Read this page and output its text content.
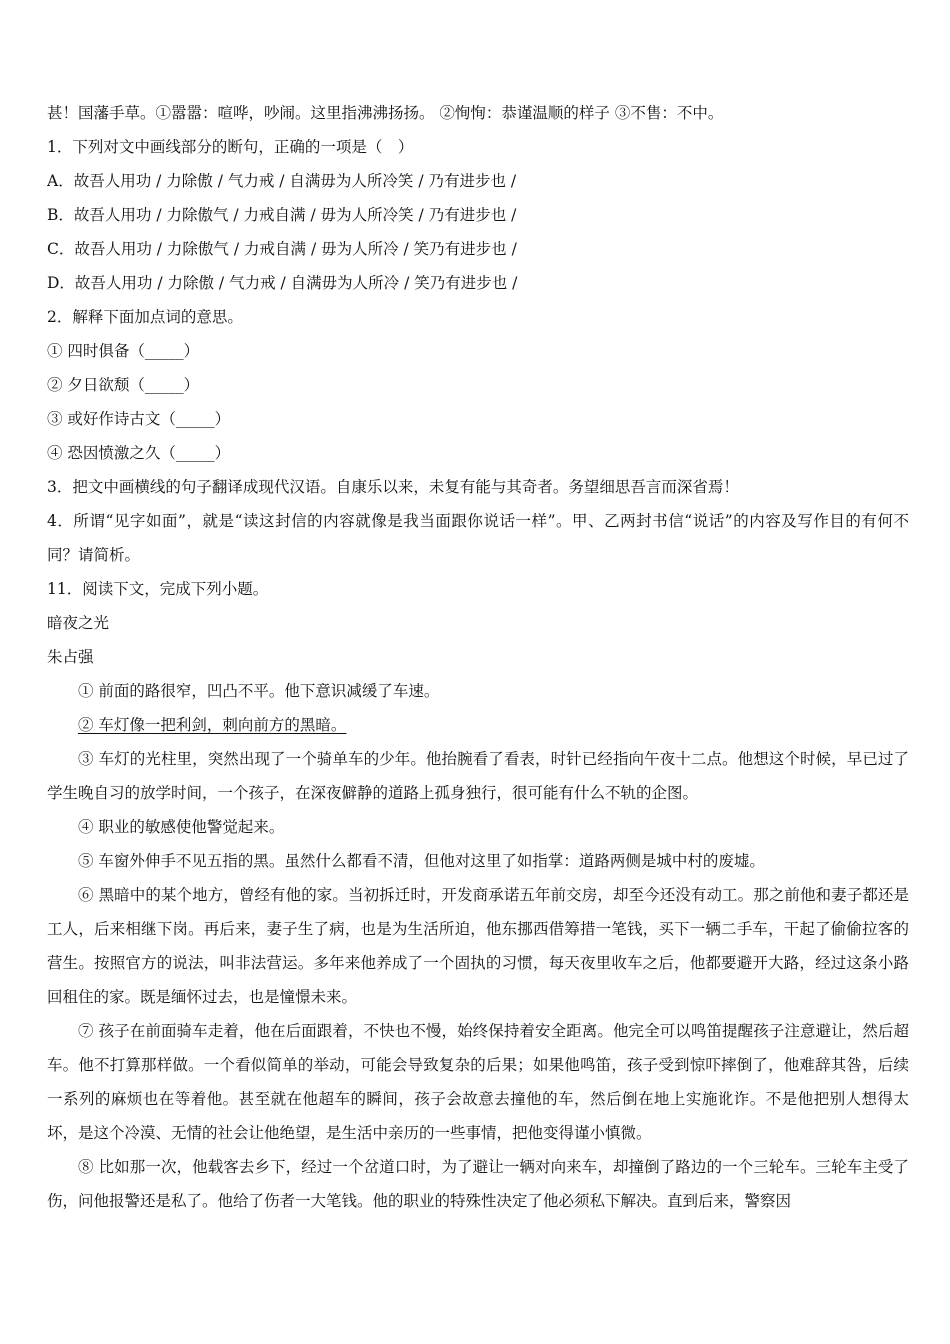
甚！国藩手草。①嚣嚣：喧哗，吵闹。这里指沸沸扬扬。 ②恂恂：恭谨温顺的样子 ③不售：不中。
1．下列对文中画线部分的断句，正确的一项是（　）
A．故吾人用功 / 力除傲 / 气力戒 / 自满毋为人所冷笑 / 乃有进步也 /
B．故吾人用功 / 力除傲气 / 力戒自满 / 毋为人所冷笑 / 乃有进步也 /
C．故吾人用功 / 力除傲气 / 力戒自满 / 毋为人所冷 / 笑乃有进步也 /
D．故吾人用功 / 力除傲 / 气力戒 / 自满毋为人所冷 / 笑乃有进步也 /
2．解释下面加点词的意思。
① 四时俱备（_____）
② 夕日欲颓（_____）
③ 或好作诗古文（_____）
④ 恐因愤激之久（_____）
3．把文中画横线的句子翻译成现代汉语。自康乐以来，未复有能与其奇者。务望细思吾言而深省焉！

4．所谓“见字如面”，就是“读这封信的内容就像是我当面跟你说话一样”。甲、乙两封书信“说话”的内容及写作目的有何不同？请简析。

11．阅读下文，完成下列小题。
暗夜之光
朱占强

① 前面的路很窄，凹凸不平。他下意识减缓了车速。

② 车灯像一把利剑，刺向前方的黑暗。

③ 车灯的光柱里，突然出现了一个骑单车的少年。他抬腕看了看表，时针已经指向午夜十二点。他想这个时候，早已过了学生晚自习的放学时间，一个孩子，在深夜僻静的道路上孤身独行，很可能有什么不轨的企图。

④ 职业的敏感使他警觉起来。

⑤ 车窗外伸手不见五指的黑。虽然什么都看不清，但他对这里了如指掌：道路两侧是城中村的废墟。

⑥ 黑暗中的某个地方，曾经有他的家。当初拆迁时，开发商承诺五年前交房，却至今还没有动工。那之前他和妻子都还是工人，后来相继下岗。再后来，妻子生了病，也是为生活所迫，他东挪西借筹措一笔钱，买下一辆二手车，干起了偷偷拉客的营生。按照官方的说法，叫非法营运。多年来他养成了一个固执的习惯，每天夜里收车之后，他都要避开大路，经过这条小路回租住的家。既是缅怀过去，也是憧憬未来。

⑦ 孩子在前面骑车走着，他在后面跟着，不快也不慢，始终保持着安全距离。他完全可以鸣笛提醒孩子注意避让，然后超车。他不打算那样做。一个看似简单的举动，可能会导致复杂的后果；如果他鸣笛，孩子受到惊吓摔倒了，他难辞其咎，后续一系列的麻烦也在等着他。甚至就在他超车的瞬间，孩子会故意去撞他的车，然后倒在地上实施讹诈。不是他把别人想得太坏，是这个冷漠、无情的社会让他绝望，是生活中亲历的一些事情，把他变得谨小慎微。

⑧ 比如那一次，他载客去乡下，经过一个岔道口时，为了避让一辆对向来车，却撞倒了路边的一个三轮车。三轮车主受了伤，问他报警还是私了。他给了伤者一大笔钱。他的职业的特殊性决定了他必须私下解决。直到后来，警察因
